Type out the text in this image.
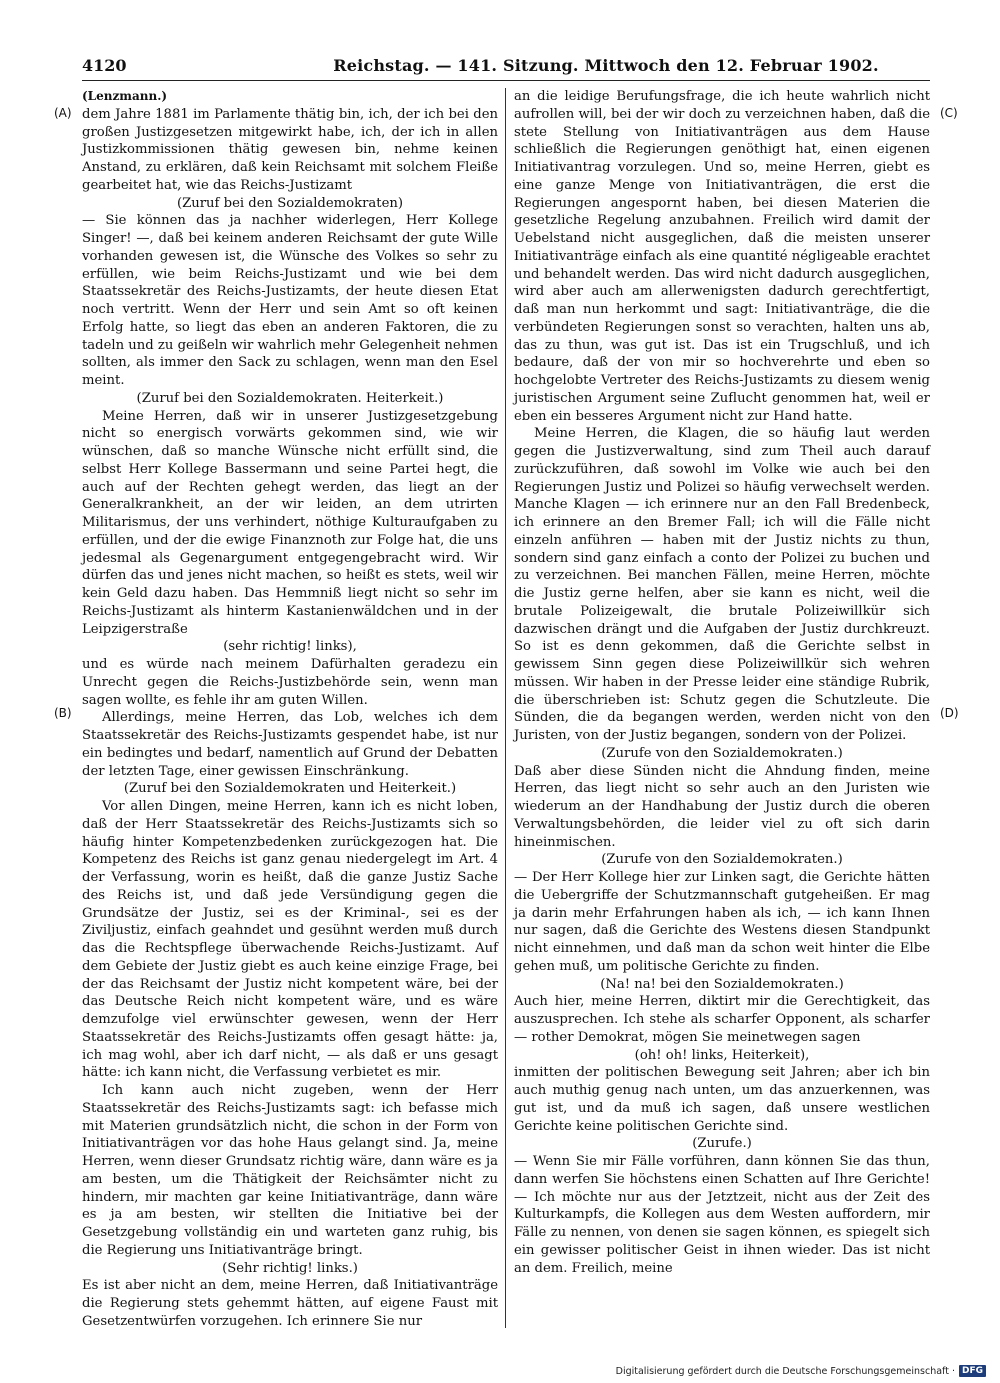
4120	Reichstag. — 141. Sitzung. Mittwoch den 12. Februar 1902.
(A)
(B)
(C)
(D)

(Lenzmann.)

dem Jahre 1881 im Parlamente thätig bin, ich, der ich bei den großen Justizgesetzen mitgewirkt habe, ich, der ich in allen Justizkommissionen thätig gewesen bin, nehme keinen Anstand, zu erklären, daß kein Reichsamt mit solchem Fleiße gearbeitet hat, wie das Reichs-Justizamt

(Zuruf bei den Sozialdemokraten)

— Sie können das ja nachher widerlegen, Herr Kollege Singer! —, daß bei keinem anderen Reichsamt der gute Wille vorhanden gewesen ist, die Wünsche des Volkes so sehr zu erfüllen, wie beim Reichs-Justizamt und wie bei dem Staatssekretär des Reichs-Justizamts, der heute diesen Etat noch vertritt. Wenn der Herr und sein Amt so oft keinen Erfolg hatte, so liegt das eben an anderen Faktoren, die zu tadeln und zu geißeln wir wahrlich mehr Gelegenheit nehmen sollten, als immer den Sack zu schlagen, wenn man den Esel meint.

(Zuruf bei den Sozialdemokraten. Heiterkeit.)

Meine Herren, daß wir in unserer Justizgesetzgebung nicht so energisch vorwärts gekommen sind, wie wir wünschen, daß so manche Wünsche nicht erfüllt sind, die selbst Herr Kollege Bassermann und seine Partei hegt, die auch auf der Rechten gehegt werden, das liegt an der Generalkrankheit, an der wir leiden, an dem utrirten Militarismus, der uns verhindert, nöthige Kulturaufgaben zu erfüllen, und der die ewige Finanznoth zur Folge hat, die uns jedesmal als Gegenargument entgegengebracht wird. Wir dürfen das und jenes nicht machen, so heißt es stets, weil wir kein Geld dazu haben. Das Hemmniß liegt nicht so sehr im Reichs-Justizamt als hinterm Kastanienwäldchen und in der Leipzigerstraße

(sehr richtig! links),

und es würde nach meinem Dafürhalten geradezu ein Unrecht gegen die Reichs-Justizbehörde sein, wenn man sagen wollte, es fehle ihr am guten Willen.

Allerdings, meine Herren, das Lob, welches ich dem Staatssekretär des Reichs-Justizamts gespendet habe, ist nur ein bedingtes und bedarf, namentlich auf Grund der Debatten der letzten Tage, einer gewissen Einschränkung.

(Zuruf bei den Sozialdemokraten und Heiterkeit.)

Vor allen Dingen, meine Herren, kann ich es nicht loben, daß der Herr Staatssekretär des Reichs-Justizamts sich so häufig hinter Kompetenzbedenken zurückgezogen hat. Die Kompetenz des Reichs ist ganz genau niedergelegt im Art. 4 der Verfassung, worin es heißt, daß die ganze Justiz Sache des Reichs ist, und daß jede Versündigung gegen die Grundsätze der Justiz, sei es der Kriminal-, sei es der Ziviljustiz, einfach geahndet und gesühnt werden muß durch das die Rechtspflege überwachende Reichs-Justizamt. Auf dem Gebiete der Justiz giebt es auch keine einzige Frage, bei der das Reichsamt der Justiz nicht kompetent wäre, bei der das Deutsche Reich nicht kompetent wäre, und es wäre demzufolge viel erwünschter gewesen, wenn der Herr Staatssekretär des Reichs-Justizamts offen gesagt hätte: ja, ich mag wohl, aber ich darf nicht, — als daß er uns gesagt hätte: ich kann nicht, die Verfassung verbietet es mir.

Ich kann auch nicht zugeben, wenn der Herr Staatssekretär des Reichs-Justizamts sagt: ich befasse mich mit Materien grundsätzlich nicht, die schon in der Form von Initiativanträgen vor das hohe Haus gelangt sind. Ja, meine Herren, wenn dieser Grundsatz richtig wäre, dann wäre es ja am besten, um die Thätigkeit der Reichsämter nicht zu hindern, mir machten gar keine Initiativanträge, dann wäre es ja am besten, wir stellten die Initiative bei der Gesetzgebung vollständig ein und warteten ganz ruhig, bis die Regierung uns Initiativanträge bringt.

(Sehr richtig! links.)

Es ist aber nicht an dem, meine Herren, daß Initiativanträge die Regierung stets gehemmt hätten, auf eigene Faust mit Gesetzentwürfen vorzugehen. Ich erinnere Sie nur

an die leidige Berufungsfrage, die ich heute wahrlich nicht aufrollen will, bei der wir doch zu verzeichnen haben, daß die stete Stellung von Initiativanträgen aus dem Hause schließlich die Regierungen genöthigt hat, einen eigenen Initiativantrag vorzulegen. Und so, meine Herren, giebt es eine ganze Menge von Initiativanträgen, die erst die Regierungen angespornt haben, bei diesen Materien die gesetzliche Regelung anzubahnen. Freilich wird damit der Uebelstand nicht ausgeglichen, daß die meisten unserer Initiativanträge einfach als eine quantité négligeable erachtet und behandelt werden. Das wird nicht dadurch ausgeglichen, wird aber auch am allerwenigsten dadurch gerechtfertigt, daß man nun herkommt und sagt: Initiativanträge, die die verbündeten Regierungen sonst so verachten, halten uns ab, das zu thun, was gut ist. Das ist ein Trugschluß, und ich bedaure, daß der von mir so hochverehrte und eben so hochgelobte Vertreter des Reichs-Justizamts zu diesem wenig juristischen Argument seine Zuflucht genommen hat, weil er eben ein besseres Argument nicht zur Hand hatte.

Meine Herren, die Klagen, die so häufig laut werden gegen die Justizverwaltung, sind zum Theil auch darauf zurückzuführen, daß sowohl im Volke wie auch bei den Regierungen Justiz und Polizei so häufig verwechselt werden. Manche Klagen — ich erinnere nur an den Fall Bredenbeck, ich erinnere an den Bremer Fall; ich will die Fälle nicht einzeln anführen — haben mit der Justiz nichts zu thun, sondern sind ganz einfach a conto der Polizei zu buchen und zu verzeichnen. Bei manchen Fällen, meine Herren, möchte die Justiz gerne helfen, aber sie kann es nicht, weil die brutale Polizeigewalt, die brutale Polizeiwillkür sich dazwischen drängt und die Aufgaben der Justiz durchkreuzt. So ist es denn gekommen, daß die Gerichte selbst in gewissem Sinn gegen diese Polizeiwillkür sich wehren müssen. Wir haben in der Presse leider eine ständige Rubrik, die überschrieben ist: Schutz gegen die Schutzleute. Die Sünden, die da begangen werden, werden nicht von den Juristen, von der Justiz begangen, sondern von der Polizei.

(Zurufe von den Sozialdemokraten.)

Daß aber diese Sünden nicht die Ahndung finden, meine Herren, das liegt nicht so sehr auch an den Juristen wie wiederum an der Handhabung der Justiz durch die oberen Verwaltungsbehörden, die leider viel zu oft sich darin hineinmischen.

(Zurufe von den Sozialdemokraten.)

— Der Herr Kollege hier zur Linken sagt, die Gerichte hätten die Uebergriffe der Schutzmannschaft gutgeheißen. Er mag ja darin mehr Erfahrungen haben als ich, — ich kann Ihnen nur sagen, daß die Gerichte des Westens diesen Standpunkt nicht einnehmen, und daß man da schon weit hinter die Elbe gehen muß, um politische Gerichte zu finden.

(Na! na! bei den Sozialdemokraten.)

Auch hier, meine Herren, diktirt mir die Gerechtigkeit, das auszusprechen. Ich stehe als scharfer Opponent, als scharfer — rother Demokrat, mögen Sie meinetwegen sagen

(oh! oh! links, Heiterkeit),

inmitten der politischen Bewegung seit Jahren; aber ich bin auch muthig genug nach unten, um das anzuerkennen, was gut ist, und da muß ich sagen, daß unsere westlichen Gerichte keine politischen Gerichte sind.

(Zurufe.)

— Wenn Sie mir Fälle vorführen, dann können Sie das thun, dann werfen Sie höchstens einen Schatten auf Ihre Gerichte! — Ich möchte nur aus der Jetztzeit, nicht aus der Zeit des Kulturkampfs, die Kollegen aus dem Westen auffordern, mir Fälle zu nennen, von denen sie sagen können, es spiegelt sich ein gewisser politischer Geist in ihnen wieder. Das ist nicht an dem. Freilich, meine

Digitalisierung gefördert durch die Deutsche Forschungsgemeinschaft · DFG
